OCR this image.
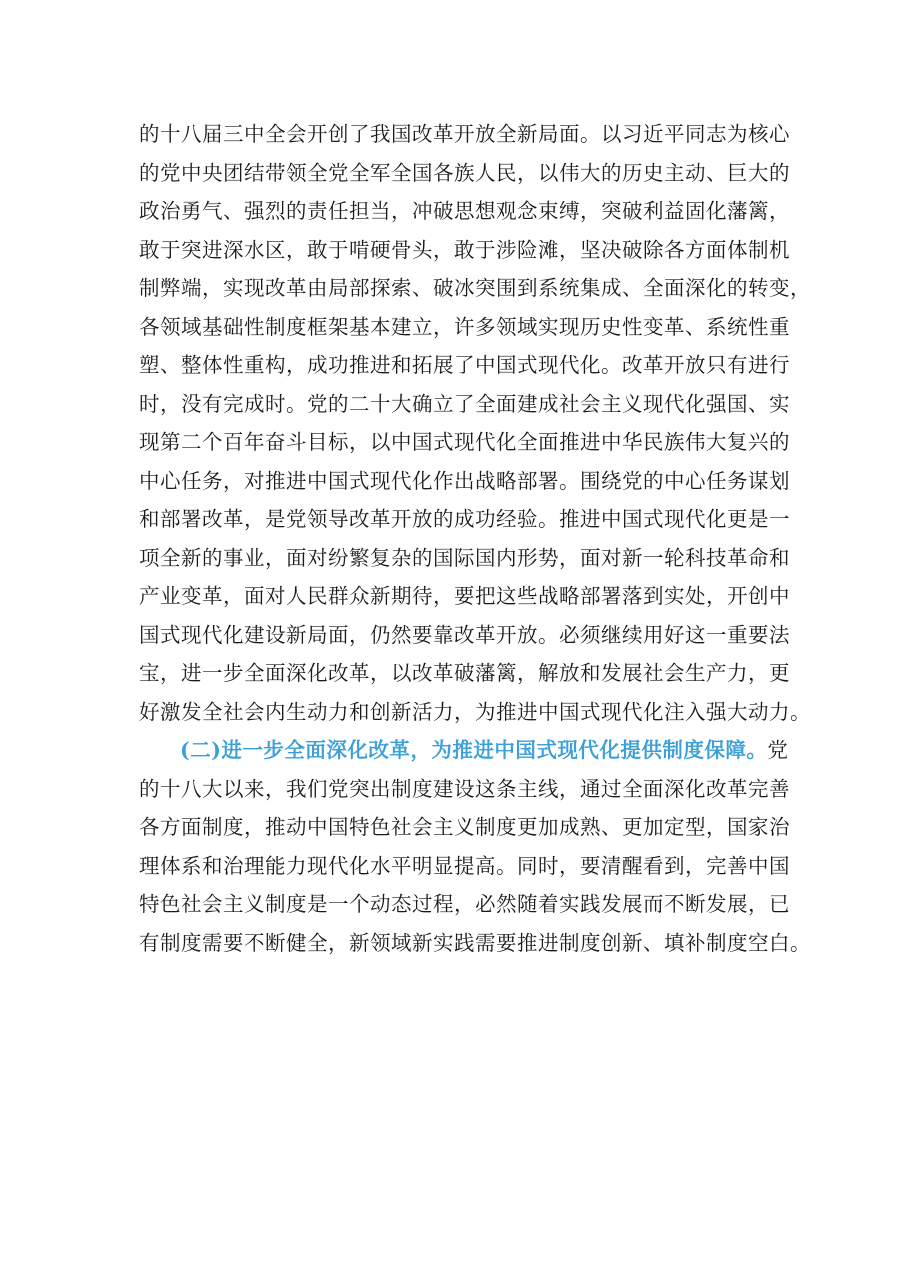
的十八届三中全会开创了我国改革开放全新局面。以习近平同志为核心
的党中央团结带领全党全军全国各族人民，以伟大的历史主动、巨大的
政治勇气、强烈的责任担当，冲破思想观念束缚，突破利益固化藩篱，
敢于突进深水区，敢于啃硬骨头，敢于涉险滩，坚决破除各方面体制机
制弊端，实现改革由局部探索、破冰突围到系统集成、全面深化的转变，
各领域基础性制度框架基本建立，许多领域实现历史性变革、系统性重
塑、整体性重构，成功推进和拓展了中国式现代化。改革开放只有进行
时，没有完成时。党的二十大确立了全面建成社会主义现代化强国、实
现第二个百年奋斗目标，以中国式现代化全面推进中华民族伟大复兴的
中心任务，对推进中国式现代化作出战略部署。围绕党的中心任务谋划
和部署改革，是党领导改革开放的成功经验。推进中国式现代化更是一
项全新的事业，面对纷繁复杂的国际国内形势，面对新一轮科技革命和
产业变革，面对人民群众新期待，要把这些战略部署落到实处，开创中
国式现代化建设新局面，仍然要靠改革开放。必须继续用好这一重要法
宝，进一步全面深化改革，以改革破藩篱，解放和发展社会生产力，更
好激发全社会内生动力和创新活力，为推进中国式现代化注入强大动力。
(二)进一步全面深化改革，为推进中国式现代化提供制度保障。党
的十八大以来，我们党突出制度建设这条主线，通过全面深化改革完善
各方面制度，推动中国特色社会主义制度更加成熟、更加定型，国家治
理体系和治理能力现代化水平明显提高。同时，要清醒看到，完善中国
特色社会主义制度是一个动态过程，必然随着实践发展而不断发展，已
有制度需要不断健全，新领域新实践需要推进制度创新、填补制度空白。
